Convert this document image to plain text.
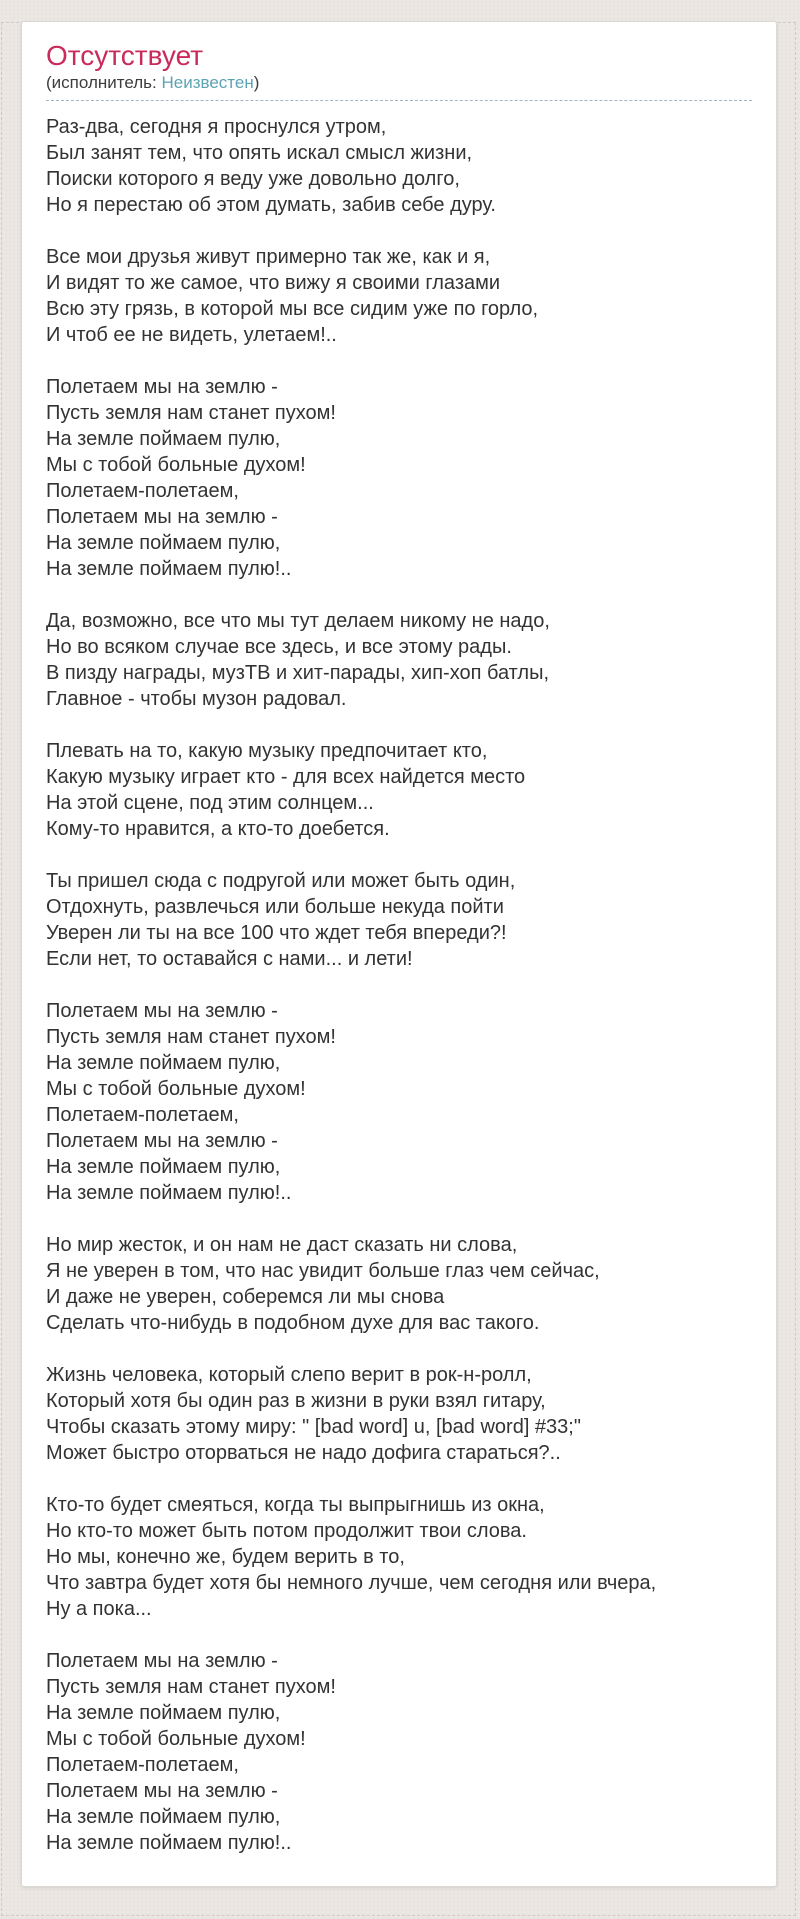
Отсутствует
(исполнитель: Неизвестен)

Раз-два, сегодня я проснулся утром,
Был занят тем, что опять искал смысл жизни,
Поиски которого я веду уже довольно долго,
Но я перестаю об этом думать, забив себе дуру.

Все мои друзья живут примерно так же, как и я,
И видят то же самое, что вижу я своими глазами
Всю эту грязь, в которой мы все сидим уже по горло,
И чтоб ее не видеть, улетаем!..

Полетаем мы на землю -
Пусть земля нам станет пухом!
На земле поймаем пулю,
Мы с тобой больные духом!
Полетаем-полетаем,
Полетаем мы на землю -
На земле поймаем пулю,
На земле поймаем пулю!..

Да, возможно, все что мы тут делаем никому не надо,
Но во всяком случае все здесь, и все этому рады.
В пизду награды, музТВ и хит-парады, хип-хоп батлы,
Главное - чтобы музон радовал.

Плевать на то, какую музыку предпочитает кто,
Какую музыку играет кто - для всех найдется место
На этой сцене, под этим солнцем...
Кому-то нравится, а кто-то доебется.

Ты пришел сюда с подругой или может быть один,
Отдохнуть, развлечься или больше некуда пойти
Уверен ли ты на все 100 что ждет тебя впереди?!
Если нет, то оставайся с нами... и лети!

Полетаем мы на землю -
Пусть земля нам станет пухом!
На земле поймаем пулю,
Мы с тобой больные духом!
Полетаем-полетаем,
Полетаем мы на землю -
На земле поймаем пулю,
На земле поймаем пулю!..

Но мир жесток, и он нам не даст сказать ни слова,
Я не уверен в том, что нас увидит больше глаз чем сейчас,
И даже не уверен, соберемся ли мы снова
Сделать что-нибудь в подобном духе для вас такого.

Жизнь человека, который слепо верит в рок-н-ролл,
Который хотя бы один раз в жизни в руки взял гитару,
Чтобы сказать этому миру: " [bad word] u, [bad word] #33;"
Может быстро оторваться не надо дофига стараться?..

Кто-то будет смеяться, когда ты выпрыгнишь из окна,
Но кто-то может быть потом продолжит твои слова.
Но мы, конечно же, будем верить в то,
Что завтра будет хотя бы немного лучше, чем сегодня или вчера,
Ну а пока...

Полетаем мы на землю -
Пусть земля нам станет пухом!
На земле поймаем пулю,
Мы с тобой больные духом!
Полетаем-полетаем,
Полетаем мы на землю -
На земле поймаем пулю,
На земле поймаем пулю!..
